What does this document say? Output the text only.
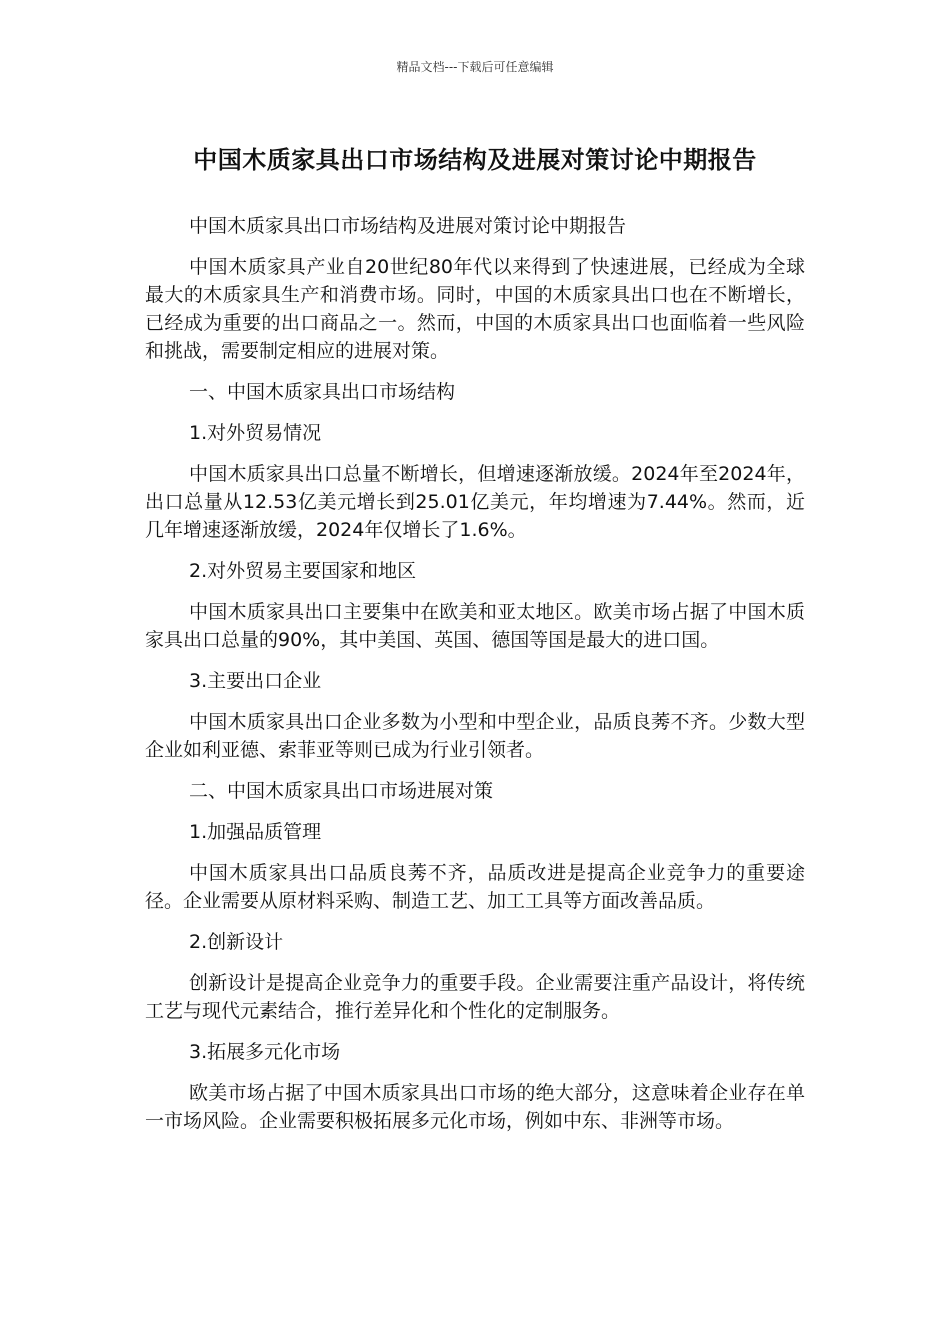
精品文档---下载后可任意编辑
中国木质家具出口市场结构及进展对策讨论中期报告

中国木质家具出口市场结构及进展对策讨论中期报告

中国木质家具产业自20世纪80年代以来得到了快速进展，已经成为全球最大的木质家具生产和消费市场。同时，中国的木质家具出口也在不断增长，已经成为重要的出口商品之一。然而，中国的木质家具出口也面临着一些风险和挑战，需要制定相应的进展对策。

一、中国木质家具出口市场结构

1.对外贸易情况

中国木质家具出口总量不断增长，但增速逐渐放缓。2024年至2024年，出口总量从12.53亿美元增长到25.01亿美元，年均增速为7.44%。然而，近几年增速逐渐放缓，2024年仅增长了1.6%。

2.对外贸易主要国家和地区

中国木质家具出口主要集中在欧美和亚太地区。欧美市场占据了中国木质家具出口总量的90%，其中美国、英国、德国等国是最大的进口国。

3.主要出口企业

中国木质家具出口企业多数为小型和中型企业，品质良莠不齐。少数大型企业如利亚德、索菲亚等则已成为行业引领者。

二、中国木质家具出口市场进展对策

1.加强品质管理

中国木质家具出口品质良莠不齐，品质改进是提高企业竞争力的重要途径。企业需要从原材料采购、制造工艺、加工工具等方面改善品质。

2.创新设计

创新设计是提高企业竞争力的重要手段。企业需要注重产品设计，将传统工艺与现代元素结合，推行差异化和个性化的定制服务。

3.拓展多元化市场

欧美市场占据了中国木质家具出口市场的绝大部分，这意味着企业存在单一市场风险。企业需要积极拓展多元化市场，例如中东、非洲等市场。
